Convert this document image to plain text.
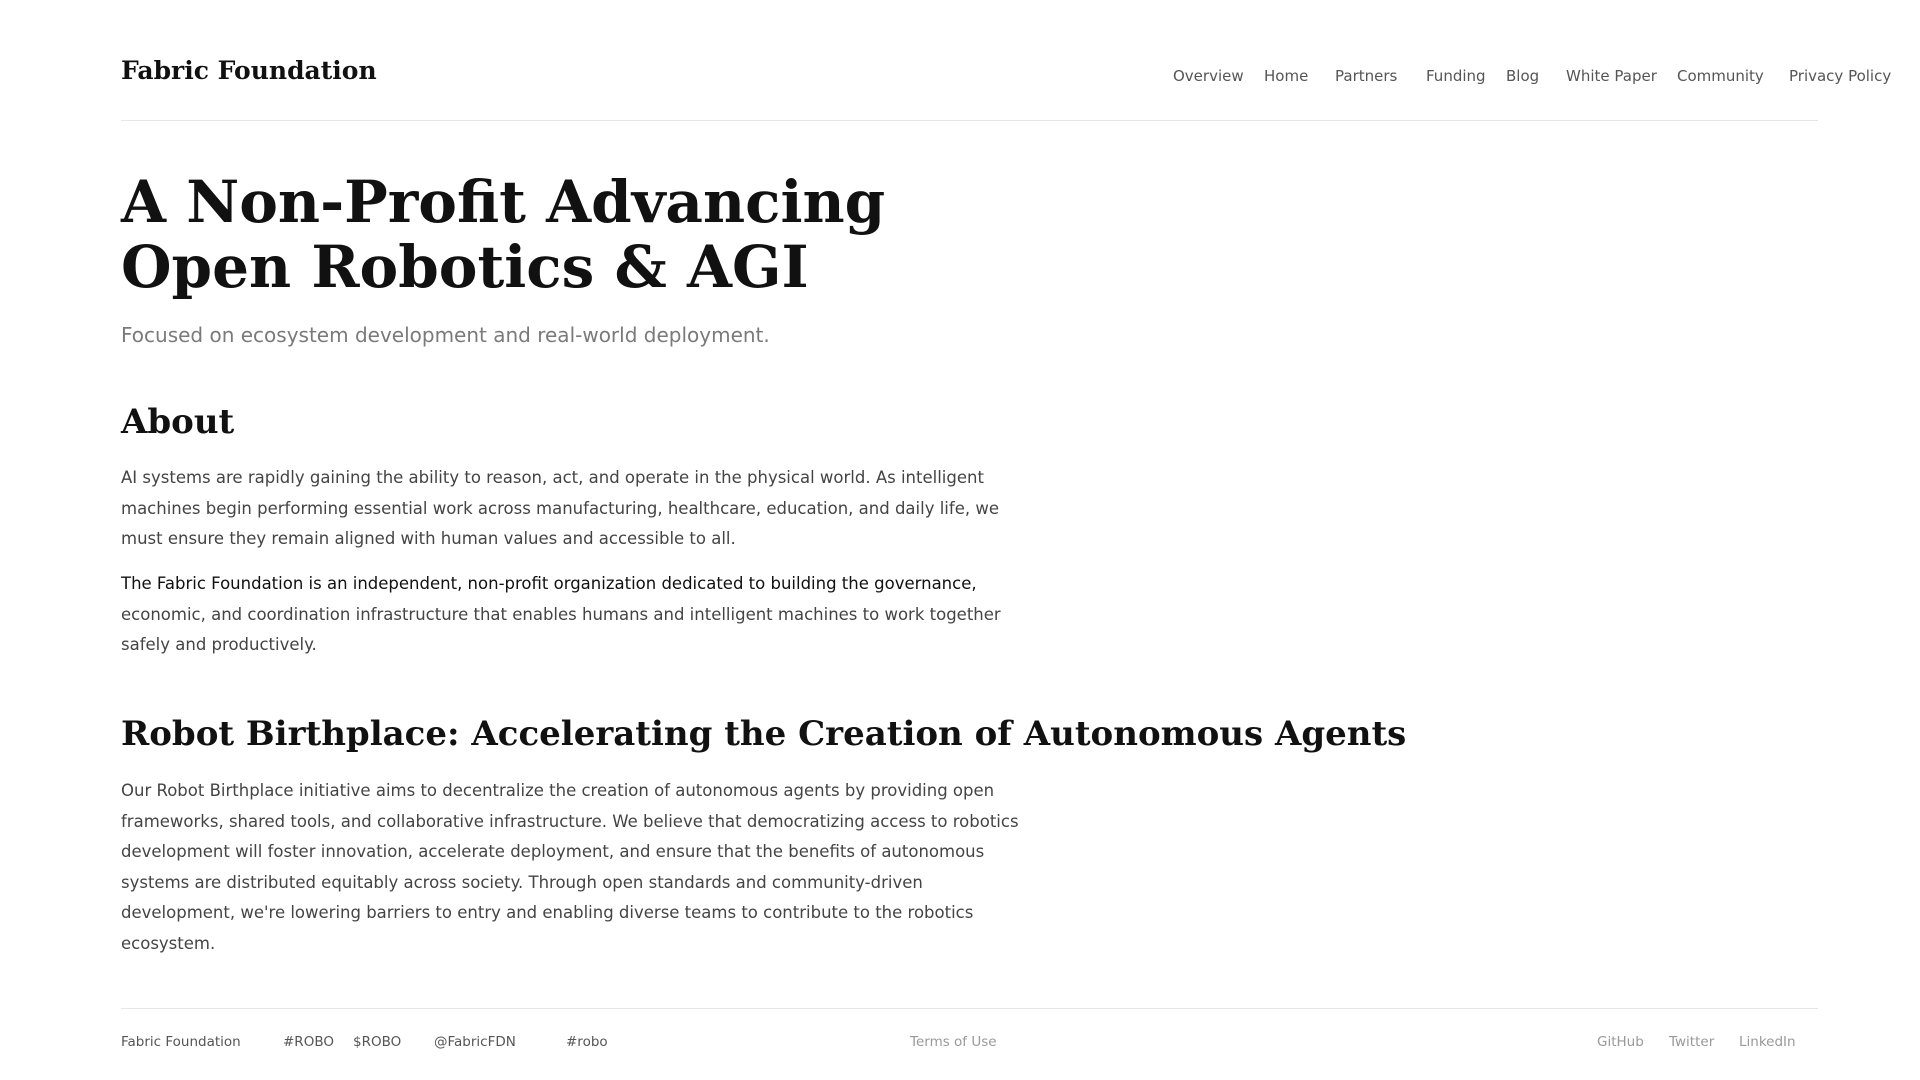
Fabric Foundation	Overview Home Partners Funding Blog White Paper Community Privacy Policy
A Non-Profit Advancing
Open Robotics & AGI

Focused on ecosystem development and real-world deployment.

About

AI systems are rapidly gaining the ability to reason, act, and operate in the physical world. As intelligent machines begin performing essential work across manufacturing, healthcare, education, and daily life, we must ensure they remain aligned with human values and accessible to all.

The Fabric Foundation is an independent, non-profit organization dedicated to building the governance, economic, and coordination infrastructure that enables humans and intelligent machines to work together safely and productively.

Robot Birthplace: Accelerating the Creation of Autonomous Agents

Our Robot Birthplace initiative aims to decentralize the creation of autonomous agents by providing open frameworks, shared tools, and collaborative infrastructure. We believe that democratizing access to robotics development will foster innovation, accelerate deployment, and ensure that the benefits of autonomous systems are distributed equitably across society. Through open standards and community-driven development, we're lowering barriers to entry and enabling diverse teams to contribute to the robotics ecosystem.

Fabric Foundation	#ROBO $ROBO @FabricFDN	#robo	Terms of Use	GitHub Twitter LinkedIn
